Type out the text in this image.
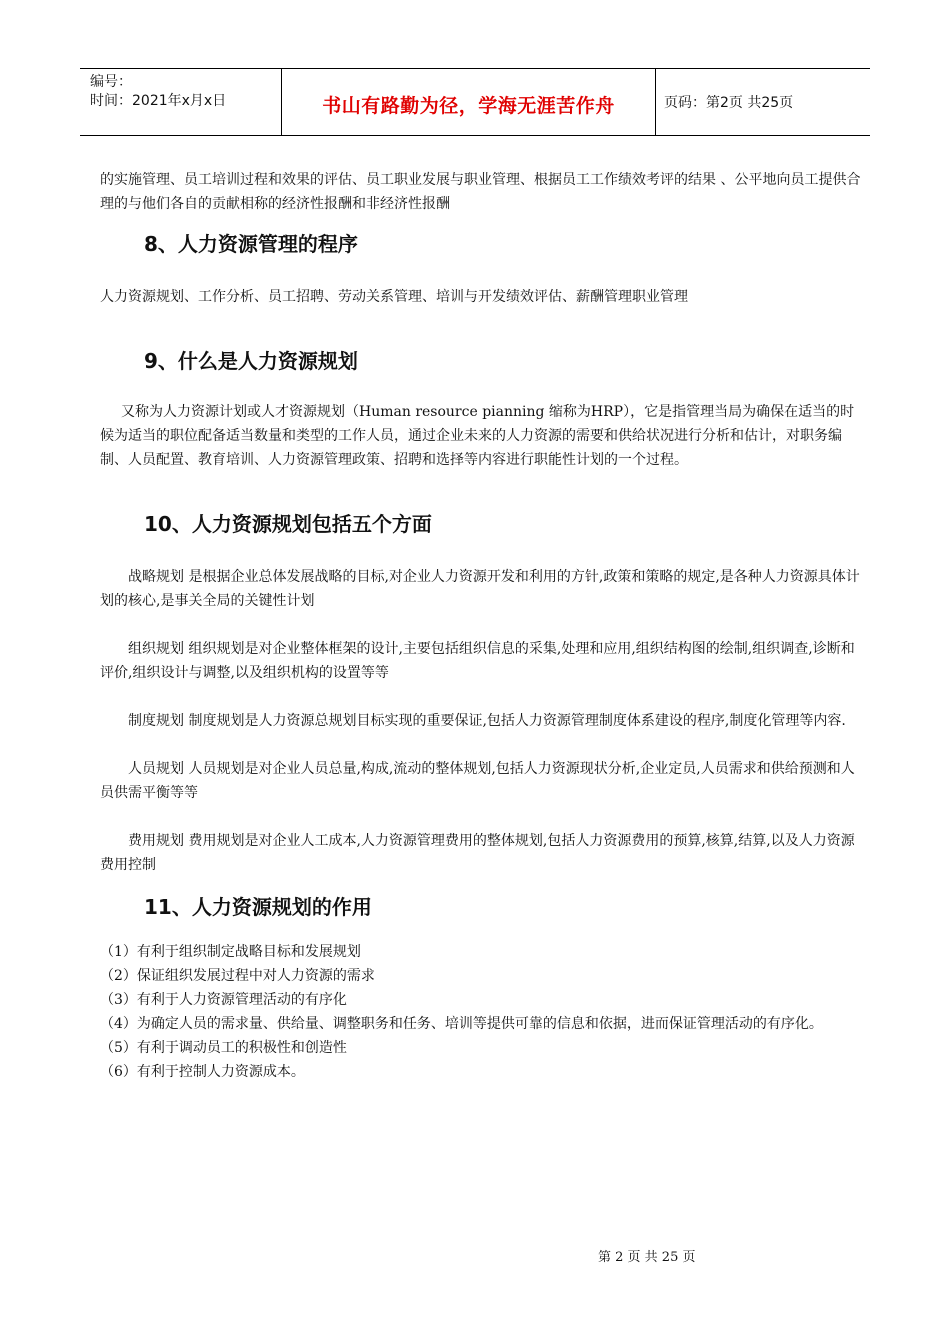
编号：
时间：2021年x月x日	书山有路勤为径，学海无涯苦作舟	页码：第2页 共25页

的实施管理、员工培训过程和效果的评估、员工职业发展与职业管理、根据员工工作绩效考评的结果 、公平地向员工提供合理的与他们各自的贡献相称的经济性报酬和非经济性报酬

8、人力资源管理的程序

人力资源规划、工作分析、员工招聘、劳动关系管理、培训与开发绩效评估、薪酬管理职业管理

9、什么是人力资源规划

又称为人力资源计划或人才资源规划（Human resource pianning 缩称为HRP），它是指管理当局为确保在适当的时候为适当的职位配备适当数量和类型的工作人员，通过企业未来的人力资源的需要和供给状况进行分析和估计，对职务编制、人员配置、教育培训、人力资源管理政策、招聘和选择等内容进行职能性计划的一个过程。

10、人力资源规划包括五个方面

战略规划 是根据企业总体发展战略的目标,对企业人力资源开发和利用的方针,政策和策略的规定,是各种人力资源具体计划的核心,是事关全局的关键性计划

组织规划 组织规划是对企业整体框架的设计,主要包括组织信息的采集,处理和应用,组织结构图的绘制,组织调查,诊断和评价,组织设计与调整,以及组织机构的设置等等

制度规划 制度规划是人力资源总规划目标实现的重要保证,包括人力资源管理制度体系建设的程序,制度化管理等内容.

人员规划 人员规划是对企业人员总量,构成,流动的整体规划,包括人力资源现状分析,企业定员,人员需求和供给预测和人员供需平衡等等

费用规划 费用规划是对企业人工成本,人力资源管理费用的整体规划,包括人力资源费用的预算,核算,结算,以及人力资源费用控制

11、人力资源规划的作用

（1）有利于组织制定战略目标和发展规划

（2）保证组织发展过程中对人力资源的需求

（3）有利于人力资源管理活动的有序化

（4）为确定人员的需求量、供给量、调整职务和任务、培训等提供可靠的信息和依据，进而保证管理活动的有序化。

（5）有利于调动员工的积极性和创造性

（6）有利于控制人力资源成本。

第 2 页 共 25 页
